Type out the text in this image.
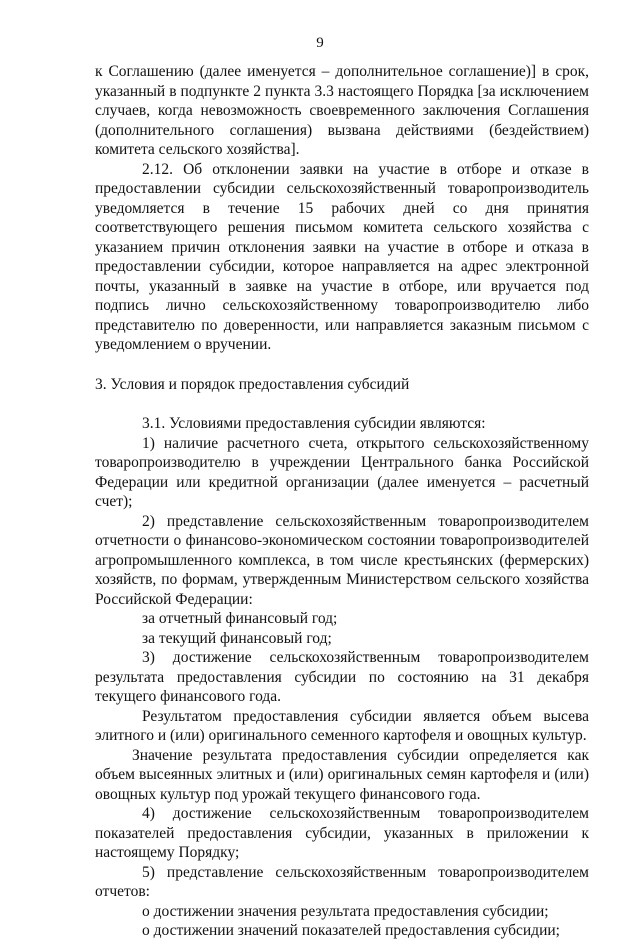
9

к Соглашению (далее именуется – дополнительное соглашение)] в срок, указанный в подпункте 2 пункта 3.3 настоящего Порядка [за исключением случаев, когда невозможность своевременного заключения Соглашения (дополнительного соглашения) вызвана действиями (бездействием) комитета сельского хозяйства].

2.12. Об отклонении заявки на участие в отборе и отказе в предоставлении субсидии сельскохозяйственный товаропроизводитель уведомляется в течение 15 рабочих дней со дня принятия соответствующего решения письмом комитета сельского хозяйства с указанием причин отклонения заявки на участие в отборе и отказа в предоставлении субсидии, которое направляется на адрес электронной почты, указанный в заявке на участие в отборе, или вручается под подпись лично сельскохозяйственному товаропроизводителю либо представителю по доверенности, или направляется заказным письмом с уведомлением о вручении.

3. Условия и порядок предоставления субсидий

3.1. Условиями предоставления субсидии являются:

1) наличие расчетного счета, открытого сельскохозяйственному товаропроизводителю в учреждении Центрального банка Российской Федерации или кредитной организации (далее именуется – расчетный счет);

2) представление сельскохозяйственным товаропроизводителем отчетности о финансово-экономическом состоянии товаропроизводителей агропромышленного комплекса, в том числе крестьянских (фермерских) хозяйств, по формам, утвержденным Министерством сельского хозяйства Российской Федерации:

за отчетный финансовый год;

за текущий финансовый год;

3) достижение сельскохозяйственным товаропроизводителем результата предоставления субсидии по состоянию на 31 декабря текущего финансового года.

Результатом предоставления субсидии является объем высева элитного и (или) оригинального семенного картофеля и овощных культур.

Значение результата предоставления субсидии определяется как объем высеянных элитных и (или) оригинальных семян картофеля и (или) овощных культур под урожай текущего финансового года.

4) достижение сельскохозяйственным товаропроизводителем показателей предоставления субсидии, указанных в приложении к настоящему Порядку;

5) представление сельскохозяйственным товаропроизводителем отчетов:

о достижении значения результата предоставления субсидии;

о достижении значений показателей предоставления субсидии;
